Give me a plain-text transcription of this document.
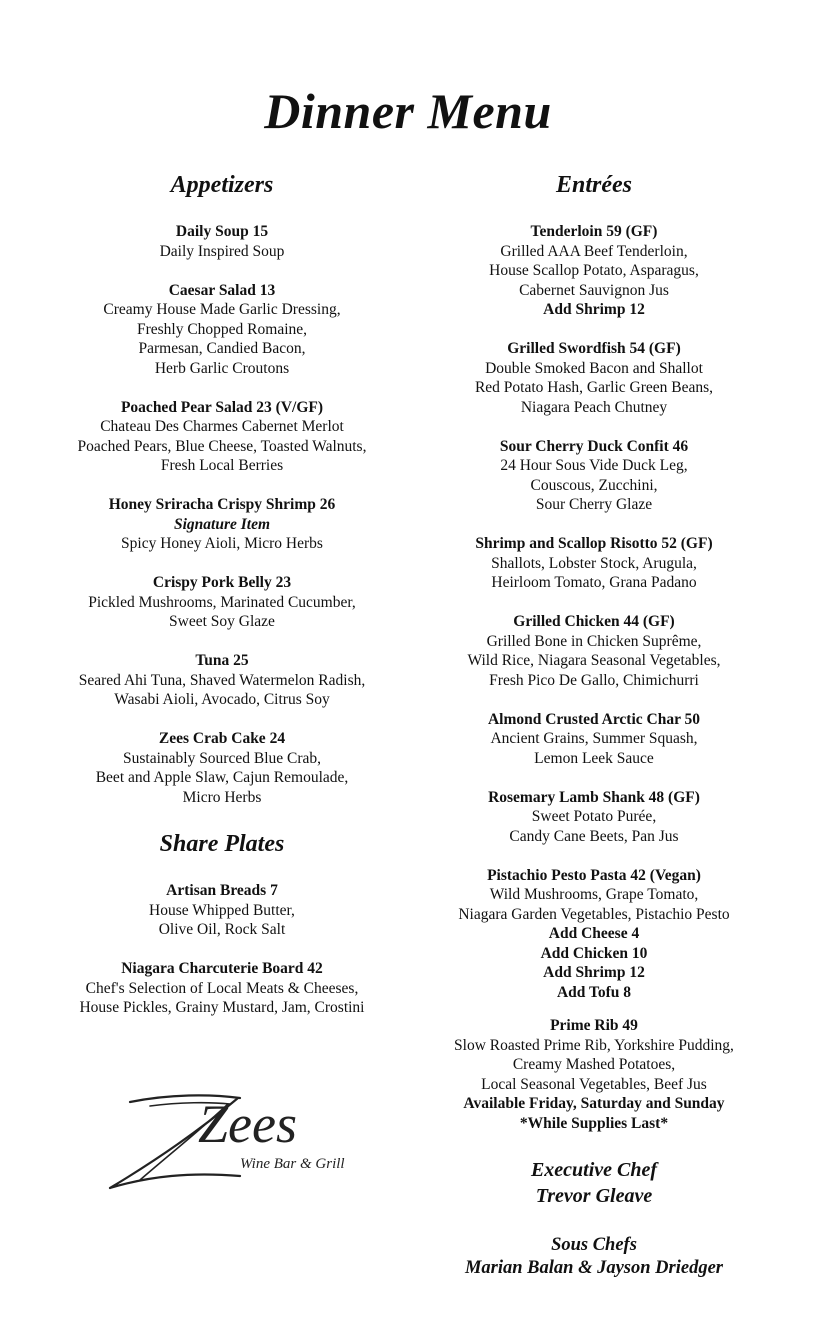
Dinner Menu
Appetizers
Daily Soup 15
Daily Inspired Soup
Caesar Salad 13
Creamy House Made Garlic Dressing,
Freshly Chopped Romaine,
Parmesan, Candied Bacon,
Herb Garlic Croutons
Poached Pear Salad 23 (V/GF)
Chateau Des Charmes Cabernet Merlot
Poached Pears, Blue Cheese, Toasted Walnuts,
Fresh Local Berries
Honey Sriracha Crispy Shrimp 26
Signature Item
Spicy Honey Aioli, Micro Herbs
Crispy Pork Belly 23
Pickled Mushrooms, Marinated Cucumber,
Sweet Soy Glaze
Tuna 25
Seared Ahi Tuna, Shaved Watermelon Radish,
Wasabi Aioli, Avocado, Citrus Soy
Zees Crab Cake 24
Sustainably Sourced Blue Crab,
Beet and Apple Slaw, Cajun Remoulade,
Micro Herbs
Share Plates
Artisan Breads 7
House Whipped Butter,
Olive Oil, Rock Salt
Niagara Charcuterie Board 42
Chef's Selection of Local Meats & Cheeses,
House Pickles, Grainy Mustard, Jam, Crostini
Entrées
Tenderloin 59 (GF)
Grilled AAA Beef Tenderloin,
House Scallop Potato, Asparagus,
Cabernet Sauvignon Jus
Add Shrimp 12
Grilled Swordfish 54 (GF)
Double Smoked Bacon and Shallot
Red Potato Hash, Garlic Green Beans,
Niagara Peach Chutney
Sour Cherry Duck Confit 46
24 Hour Sous Vide Duck Leg,
Couscous, Zucchini,
Sour Cherry Glaze
Shrimp and Scallop Risotto 52 (GF)
Shallots, Lobster Stock, Arugula,
Heirloom Tomato, Grana Padano
Grilled Chicken 44 (GF)
Grilled Bone in Chicken Suprême,
Wild Rice, Niagara Seasonal Vegetables,
Fresh Pico De Gallo, Chimichurri
Almond Crusted Arctic Char 50
Ancient Grains, Summer Squash,
Lemon Leek Sauce
Rosemary Lamb Shank 48 (GF)
Sweet Potato Purée,
Candy Cane Beets, Pan Jus
Pistachio Pesto Pasta 42 (Vegan)
Wild Mushrooms, Grape Tomato,
Niagara Garden Vegetables, Pistachio Pesto
Add Cheese 4
Add Chicken 10
Add Shrimp 12
Add Tofu 8
Prime Rib 49
Slow Roasted Prime Rib, Yorkshire Pudding,
Creamy Mashed Potatoes,
Local Seasonal Vegetables, Beef Jus
Available Friday, Saturday and Sunday
*While Supplies Last*
Zees
Wine Bar & Grill	Executive Chef
Trevor Gleave
Sous Chefs
Marian Balan & Jayson Driedger
